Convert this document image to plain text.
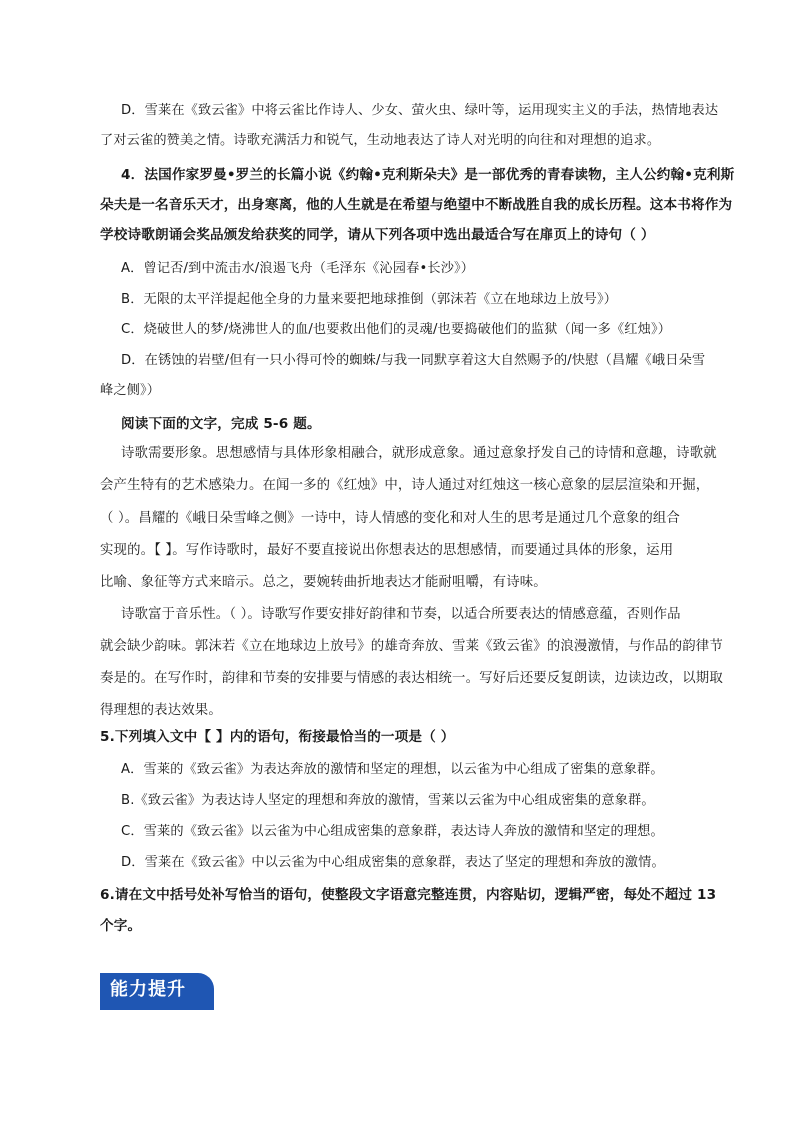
D．雪莱在《致云雀》中将云雀比作诗人、少女、萤火虫、绿叶等，运用现实主义的手法，热情地表达
了对云雀的赞美之情。诗歌充满活力和锐气，生动地表达了诗人对光明的向往和对理想的追求。
4．法国作家罗曼•罗兰的长篇小说《约翰•克利斯朵夫》是一部优秀的青春读物，主人公约翰•克利斯
朵夫是一名音乐天才，出身寒离，他的人生就是在希望与绝望中不断战胜自我的成长历程。这本书将作为
学校诗歌朗诵会奖品颁发给获奖的同学，请从下列各项中选出最适合写在扉页上的诗句（ ）
A．曾记否/到中流击水/浪遏飞舟（毛泽东《沁园春•长沙》）
B．无限的太平洋提起他全身的力量来要把地球推倒（郭沫若《立在地球边上放号》）
C．烧破世人的梦/烧沸世人的血/也要救出他们的灵魂/也要捣破他们的监狱（闻一多《红烛》）
D．在锈蚀的岩壁/但有一只小得可怜的蜘蛛/与我一同默享着这大自然赐予的/快慰（昌耀《峨日朵雪
峰之侧》）
阅读下面的文字，完成 5-6 题。
诗歌需要形象。思想感情与具体形象相融合，就形成意象。通过意象抒发自己的诗情和意趣，诗歌就
会产生特有的艺术感染力。在闻一多的《红烛》中，诗人通过对红烛这一核心意象的层层渲染和开掘，
（ ）。昌耀的《峨日朵雪峰之侧》一诗中，诗人情感的变化和对人生的思考是通过几个意象的组合
实现的。【 】。写作诗歌时，最好不要直接说出你想表达的思想感情，而要通过具体的形象，运用
比喻、象征等方式来暗示。总之，要婉转曲折地表达才能耐咀嚼，有诗味。
诗歌富于音乐性。（ ）。诗歌写作要安排好韵律和节奏，以适合所要表达的情感意蕴，否则作品
就会缺少韵味。郭沫若《立在地球边上放号》的雄奇奔放、雪莱《致云雀》的浪漫激情，与作品的韵律节
奏是的。在写作时，韵律和节奏的安排要与情感的表达相统一。写好后还要反复朗读，边读边改，以期取
得理想的表达效果。
5.下列填入文中【 】内的语句，衔接最恰当的一项是（ ）
A．雪莱的《致云雀》为表达奔放的激情和坚定的理想，以云雀为中心组成了密集的意象群。
B.《致云雀》为表达诗人坚定的理想和奔放的激情，雪莱以云雀为中心组成密集的意象群。
C．雪莱的《致云雀》以云雀为中心组成密集的意象群，表达诗人奔放的激情和坚定的理想。
D．雪莱在《致云雀》中以云雀为中心组成密集的意象群，表达了坚定的理想和奔放的激情。
6.请在文中括号处补写恰当的语句，使整段文字语意完整连贯，内容贴切，逻辑严密，每处不超过 13
个字。
能力提升
